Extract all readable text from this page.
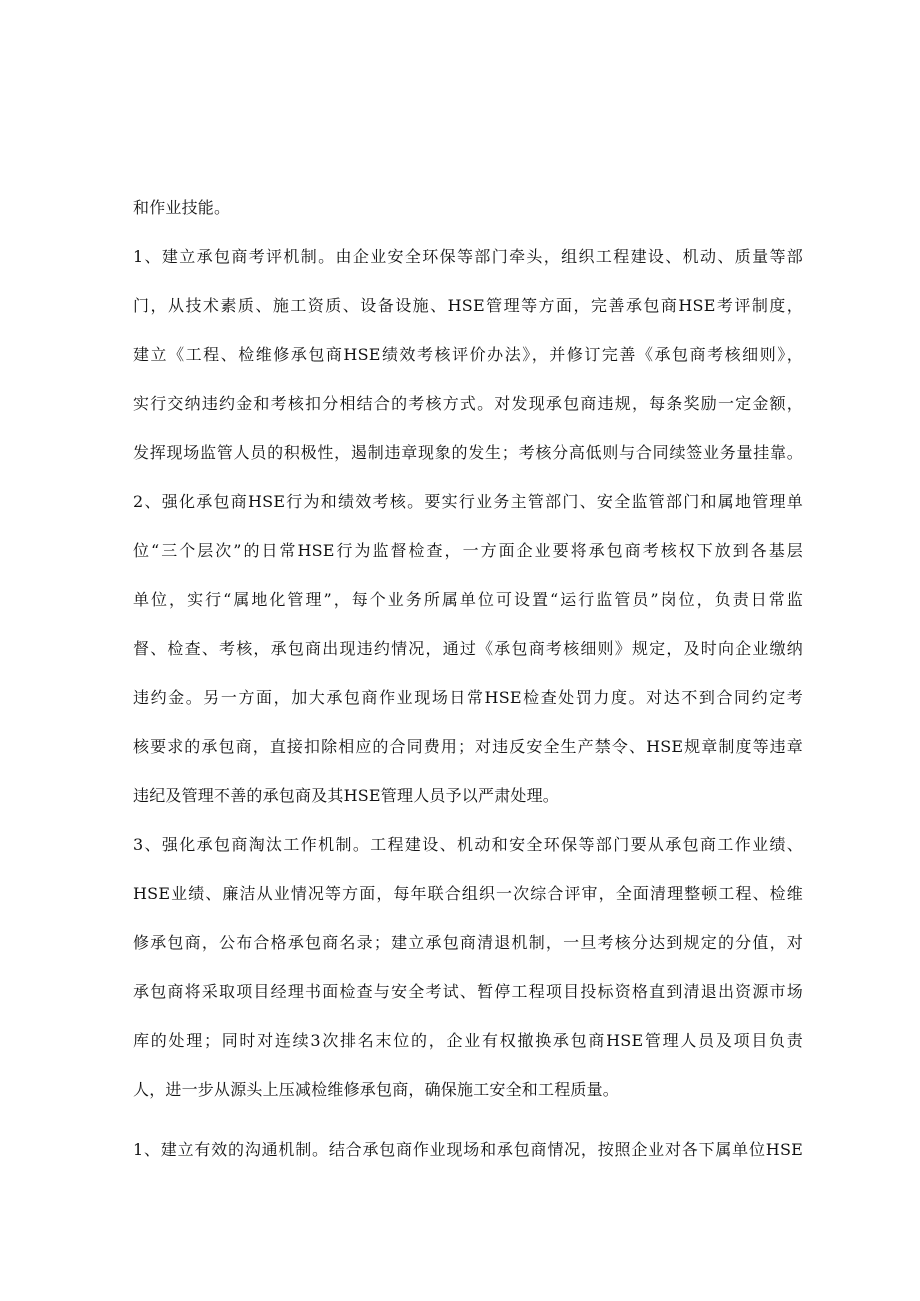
和作业技能。
1、建立承包商考评机制。由企业安全环保等部门牵头，组织工程建设、机动、质量等部
门，从技术素质、施工资质、设备设施、HSE管理等方面，完善承包商HSE考评制度，
建立《工程、检维修承包商HSE绩效考核评价办法》，并修订完善《承包商考核细则》，
实行交纳违约金和考核扣分相结合的考核方式。对发现承包商违规，每条奖励一定金额，
发挥现场监管人员的积极性，遏制违章现象的发生；考核分高低则与合同续签业务量挂靠。
2、强化承包商HSE行为和绩效考核。要实行业务主管部门、安全监管部门和属地管理单
位“三个层次”的日常HSE行为监督检查，一方面企业要将承包商考核权下放到各基层
单位，实行“属地化管理”，每个业务所属单位可设置“运行监管员”岗位，负责日常监
督、检查、考核，承包商出现违约情况，通过《承包商考核细则》规定，及时向企业缴纳
违约金。另一方面，加大承包商作业现场日常HSE检查处罚力度。对达不到合同约定考
核要求的承包商，直接扣除相应的合同费用；对违反安全生产禁令、HSE规章制度等违章
违纪及管理不善的承包商及其HSE管理人员予以严肃处理。
3、强化承包商淘汰工作机制。工程建设、机动和安全环保等部门要从承包商工作业绩、
HSE业绩、廉洁从业情况等方面，每年联合组织一次综合评审，全面清理整顿工程、检维
修承包商，公布合格承包商名录；建立承包商清退机制，一旦考核分达到规定的分值，对
承包商将采取项目经理书面检查与安全考试、暂停工程项目投标资格直到清退出资源市场
库的处理；同时对连续3次排名末位的，企业有权撤换承包商HSE管理人员及项目负责
人，进一步从源头上压减检维修承包商，确保施工安全和工程质量。
1、建立有效的沟通机制。结合承包商作业现场和承包商情况，按照企业对各下属单位HSE
